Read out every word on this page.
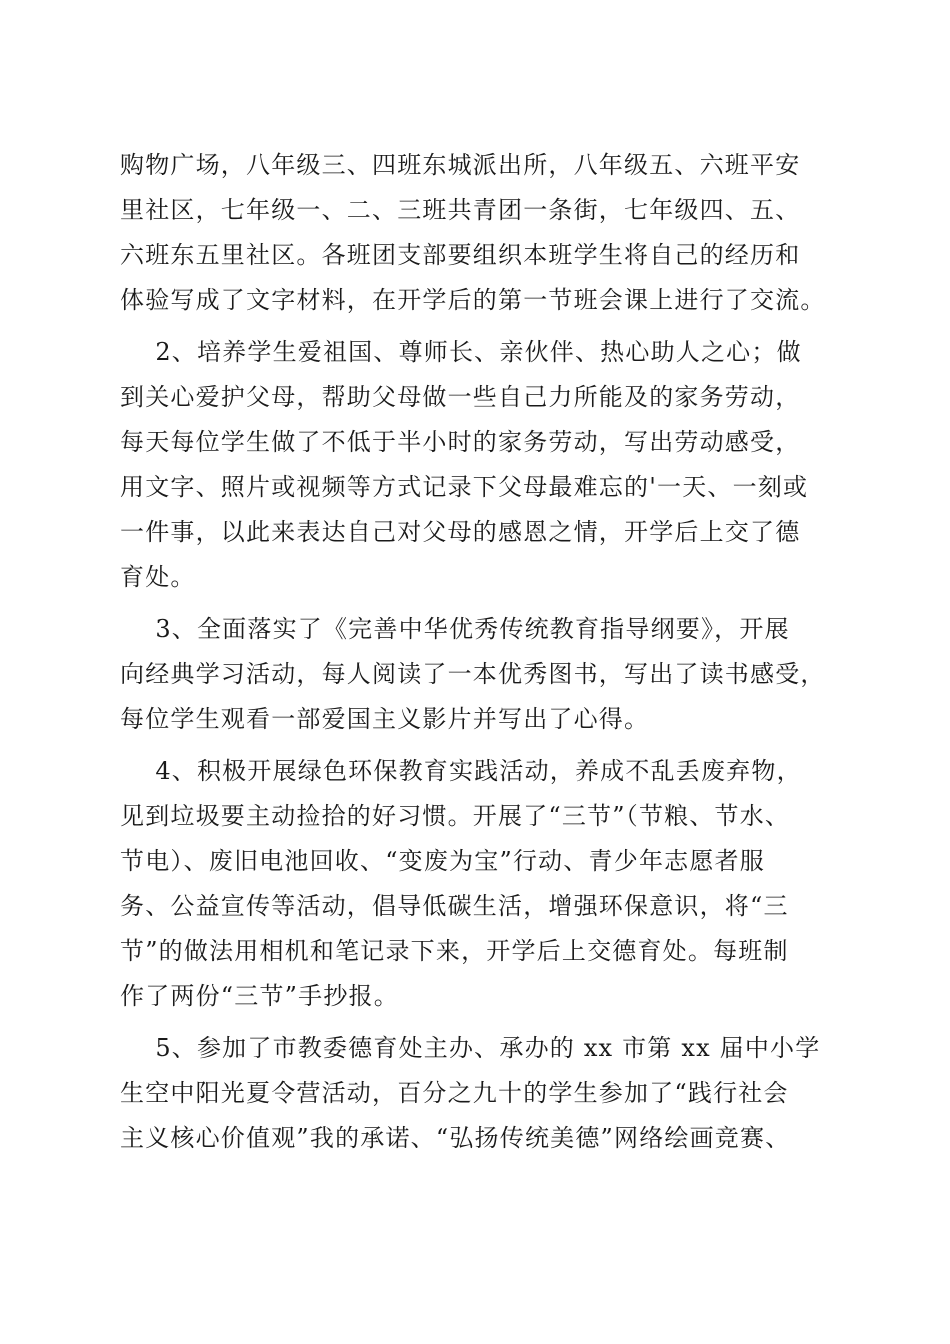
购物广场，八年级三、四班东城派出所，八年级五、六班平安
里社区，七年级一、二、三班共青团一条街，七年级四、五、
六班东五里社区。各班团支部要组织本班学生将自己的经历和
体验写成了文字材料，在开学后的第一节班会课上进行了交流。
2、培养学生爱祖国、尊师长、亲伙伴、热心助人之心；做
到关心爱护父母，帮助父母做一些自己力所能及的家务劳动，
每天每位学生做了不低于半小时的家务劳动，写出劳动感受，
用文字、照片或视频等方式记录下父母最难忘的'一天、一刻或
一件事，以此来表达自己对父母的感恩之情，开学后上交了德
育处。
3、全面落实了《完善中华优秀传统教育指导纲要》，开展
向经典学习活动，每人阅读了一本优秀图书，写出了读书感受，
每位学生观看一部爱国主义影片并写出了心得。
4、积极开展绿色环保教育实践活动，养成不乱丢废弃物，
见到垃圾要主动捡拾的好习惯。开展了“三节”（节粮、节水、
节电）、废旧电池回收、“变废为宝”行动、青少年志愿者服
务、公益宣传等活动，倡导低碳生活，增强环保意识，将“三
节”的做法用相机和笔记录下来，开学后上交德育处。每班制
作了两份“三节”手抄报。
5、参加了市教委德育处主办、承办的 xx 市第 xx 届中小学
生空中阳光夏令营活动，百分之九十的学生参加了“践行社会
主义核心价值观”我的承诺、“弘扬传统美德”网络绘画竞赛、
